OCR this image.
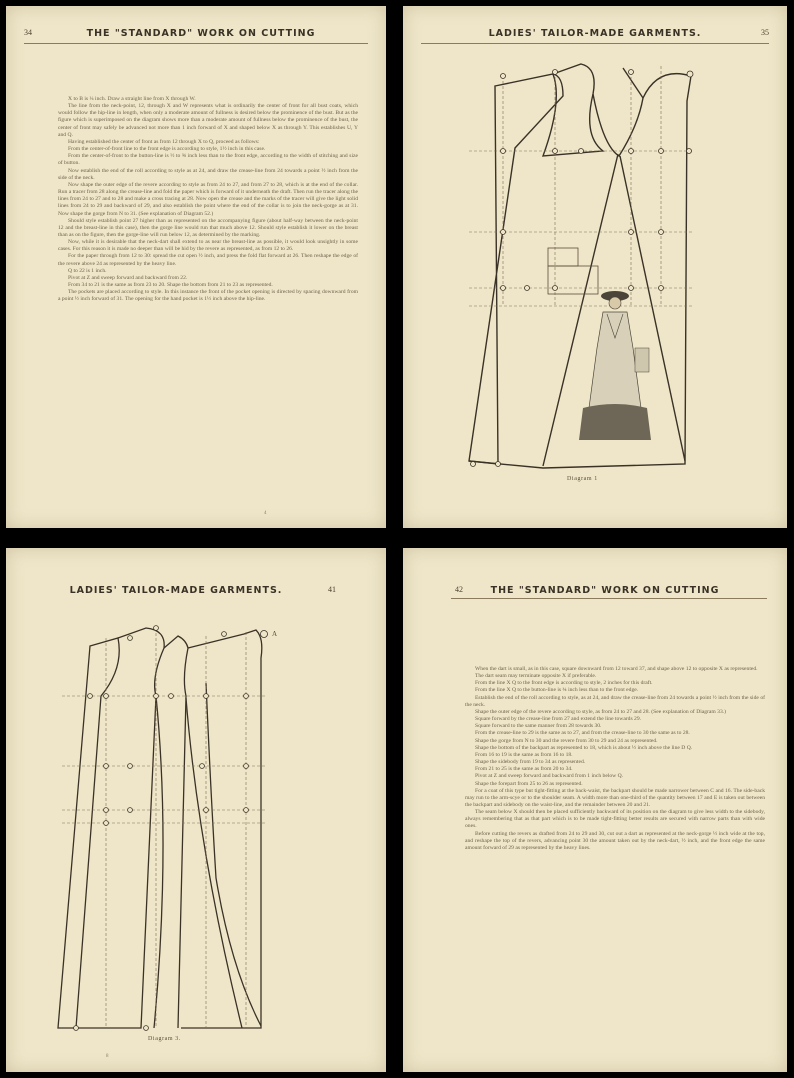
34	THE "STANDARD" WORK ON CUTTING

X to B is ¼ inch. Draw a straight line from X through W.

The line from the neck-point, 12, through X and W represents what is ordinarily the center of front for all bust coats, which would follow the hip-line in length, when only a moderate amount of fullness is desired below the prominence of the bust. But as the figure which is superimposed on the diagram shows more than a moderate amount of fullness below the prominence of the bust, the center of front may safely be advanced not more than 1 inch forward of X and shaped below X as through Y. This establishes U, Y and Q.

Having established the center of front as from 12 through X to Q, proceed as follows:

From the center-of-front line to the front edge is according to style, 1½ inch in this case.

From the center-of-front to the button-line is ½ to ⅝ inch less than to the front edge, according to the width of stitching and size of button.

Now establish the end of the roll according to style as at 24, and draw the crease-line from 24 towards a point ½ inch from the side of the neck.

Now shape the outer edge of the revere according to style as from 24 to 27, and from 27 to 28, which is at the end of the collar. Run a tracer from 28 along the crease-line and fold the paper which is forward of it underneath the draft. Then run the tracer along the lines from 24 to 27 and to 28 and make a cross tracing at 28. Now open the crease and the marks of the tracer will give the light solid lines from 24 to 29 and backward of 29, and also establish the point where the end of the collar is to join the neck-gorge as at 31. Now shape the gorge from N to 31. (See explanation of Diagram 52.)

Should style establish point 27 higher than as represented on the accompanying figure (about half-way between the neck-point 12 and the breast-line in this case), then the gorge line would run that much above 12. Should style establish it lower on the breast than as on the figure, then the gorge-line will run below 12, as determined by the marking.

Now, while it is desirable that the neck-dart shall extend to as near the breast-line as possible, it would look unsightly in some cases. For this reason it is made no deeper than will be hid by the revere as represented, as from 12 to 26.

For the paper through from 12 to 30: spread the cut open ½ inch, and press the fold flat forward at 26. Then reshape the edge of the revere above 24 as represented by the heavy line.

Q to 22 is 1 inch.

Pivot at Z and sweep forward and backward from 22.

From 34 to 21 is the same as from 23 to 20. Shape the bottom from 21 to 23 as represented.

The pockets are placed according to style. In this instance the front of the pocket opening is directed by spacing downward from a point ½ inch forward of 31. The opening for the hand pocket is 1½ inch above the hip-line.

4
LADIES' TAILOR-MADE GARMENTS.	35
Diagram 1
LADIES' TAILOR-MADE GARMENTS.	41
A
Diagram 3.
8
42	THE "STANDARD" WORK ON CUTTING

When the dart is small, as in this case, square downward from 12 toward 37, and shape above 12 to opposite X as represented.

The dart seam may terminate opposite X if preferable.

From the line X Q to the front edge is according to style, 2 inches for this draft.

From the line X Q to the button-line is ¾ inch less than to the front edge.

Establish the end of the roll according to style, as at 24, and draw the crease-line from 24 towards a point ½ inch from the side of the neck.

Shape the outer edge of the revere according to style, as from 24 to 27 and 28. (See explanation of Diagram 33.)

Square forward by the crease-line from 27 and extend the line towards 29.

Square forward to the same manner from 28 towards 30.

From the crease-line to 29 is the same as to 27, and from the crease-line to 30 the same as to 28.

Shape the gorge from N to 30 and the revere from 30 to 29 and 24 as represented.

Shape the bottom of the backpart as represented to 18, which is about ½ inch above the line D Q.

From 16 to 19 is the same as from 16 to 18.

Shape the sidebody from 19 to 34 as represented.

From 21 to 25 is the same as from 20 to 34.

Pivot at Z and sweep forward and backward from 1 inch below Q.

Shape the forepart from 25 to 26 as represented.

For a coat of this type but tight-fitting at the back-waist, the backpart should be made narrower between C and 16. The side-back may run to the arm-scye or to the shoulder seam. A width more than one-third of the quantity between 17 and E is taken out between the backpart and sidebody on the waist-line, and the remainder between 20 and 21.

The seam below X should then be placed sufficiently backward of its position on the diagram to give less width to the sidebody, always remembering that as that part which is to be made tight-fitting better results are secured with narrow parts than with wide ones.

Before cutting the revers as drafted from 24 to 29 and 30, cut out a dart as represented at the neck-gorge ½ inch wide at the top, and reshape the top of the revers, advancing point 30 the amount taken out by the neck-dart, ½ inch, and the front edge the same amount forward of 29 as represented by the heavy lines.
